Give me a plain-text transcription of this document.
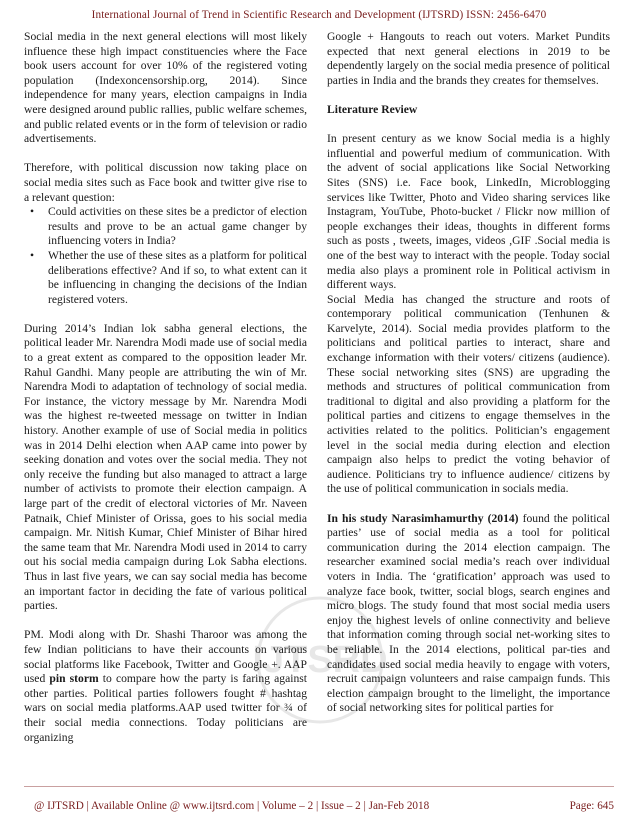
International Journal of Trend in Scientific Research and Development (IJTSRD) ISSN: 2456-6470
IJTSRD

Social media in the next general elections will most likely influence these high impact constituencies where the Face book users account for over 10% of the registered voting population (Indexoncensorship.org, 2014). Since independence for many years, election campaigns in India were designed around public rallies, public welfare schemes, and public related events or in the form of television or radio advertisements.

Therefore, with political discussion now taking place on social media sites such as Face book and twitter give rise to a relevant question:

• Could activities on these sites be a predictor of election results and prove to be an actual game changer by influencing voters in India?
• Whether the use of these sites as a platform for political deliberations effective? And if so, to what extent can it be influencing in changing the decisions of the Indian registered voters.

During 2014’s Indian lok sabha general elections, the political leader Mr. Narendra Modi made use of social media to a great extent as compared to the opposition leader Mr. Rahul Gandhi. Many people are attributing the win of Mr. Narendra Modi to adaptation of technology of social media. For instance, the victory message by Mr. Narendra Modi was the highest re-tweeted message on twitter in Indian history. Another example of use of Social media in politics was in 2014 Delhi election when AAP came into power by seeking donation and votes over the social media. They not only receive the funding but also managed to attract a large number of activists to promote their election campaign. A large part of the credit of electoral victories of Mr. Naveen Patnaik, Chief Minister of Orissa, goes to his social media campaign. Mr. Nitish Kumar, Chief Minister of Bihar hired the same team that Mr. Narendra Modi used in 2014 to carry out his social media campaign during Lok Sabha elections. Thus in last five years, we can say social media has become an important factor in deciding the fate of various political parties.

PM. Modi along with Dr. Shashi Tharoor was among the few Indian politicians to have their accounts on various social platforms like Facebook, Twitter and Google +. AAP used pin storm to compare how the party is faring against other parties. Political parties followers fought # hashtag wars on social media platforms.AAP used twitter for ¾ of their social media connections. Today politicians are organizing

Google + Hangouts to reach out voters. Market Pundits expected that next general elections in 2019 to be dependently largely on the social media presence of political parties in India and the brands they creates for themselves.

Literature Review

In present century as we know Social media is a highly influential and powerful medium of communication. With the advent of social applications like Social Networking Sites (SNS) i.e. Face book, LinkedIn, Microblogging services like Twitter, Photo and Video sharing services like Instagram, YouTube, Photo-bucket / Flickr now million of people exchanges their ideas, thoughts in different forms such as posts , tweets, images, videos ,GIF .Social media is one of the best way to interact with the people. Today social media also plays a prominent role in Political activism in different ways.

Social Media has changed the structure and roots of contemporary political communication (Tenhunen & Karvelyte, 2014). Social media provides platform to the politicians and political parties to interact, share and exchange information with their voters/ citizens (audience). These social networking sites (SNS) are upgrading the methods and structures of political communication from traditional to digital and also providing a platform for the political parties and citizens to engage themselves in the activities related to the politics. Politician’s engagement level in the social media during election and election campaign also helps to predict the voting behavior of audience. Politicians try to influence audience/ citizens by the use of political communication in socials media.

In his study Narasimhamurthy (2014) found the political parties’ use of social media as a tool for political communication during the 2014 election campaign. The researcher examined social media’s reach over individual voters in India. The ‘gratification’ approach was used to analyze face book, twitter, social blogs, search engines and micro blogs. The study found that most social media users enjoy the highest levels of online connectivity and believe that information coming through social net-working sites to be reliable. In the 2014 elections, political par-ties and candidates used social media heavily to engage with voters, recruit campaign volunteers and raise campaign funds. This election campaign brought to the limelight, the importance of social networking sites for political parties for

@ IJTSRD | Available Online @ www.ijtsrd.com | Volume – 2 | Issue – 2 | Jan-Feb 2018	Page: 645
